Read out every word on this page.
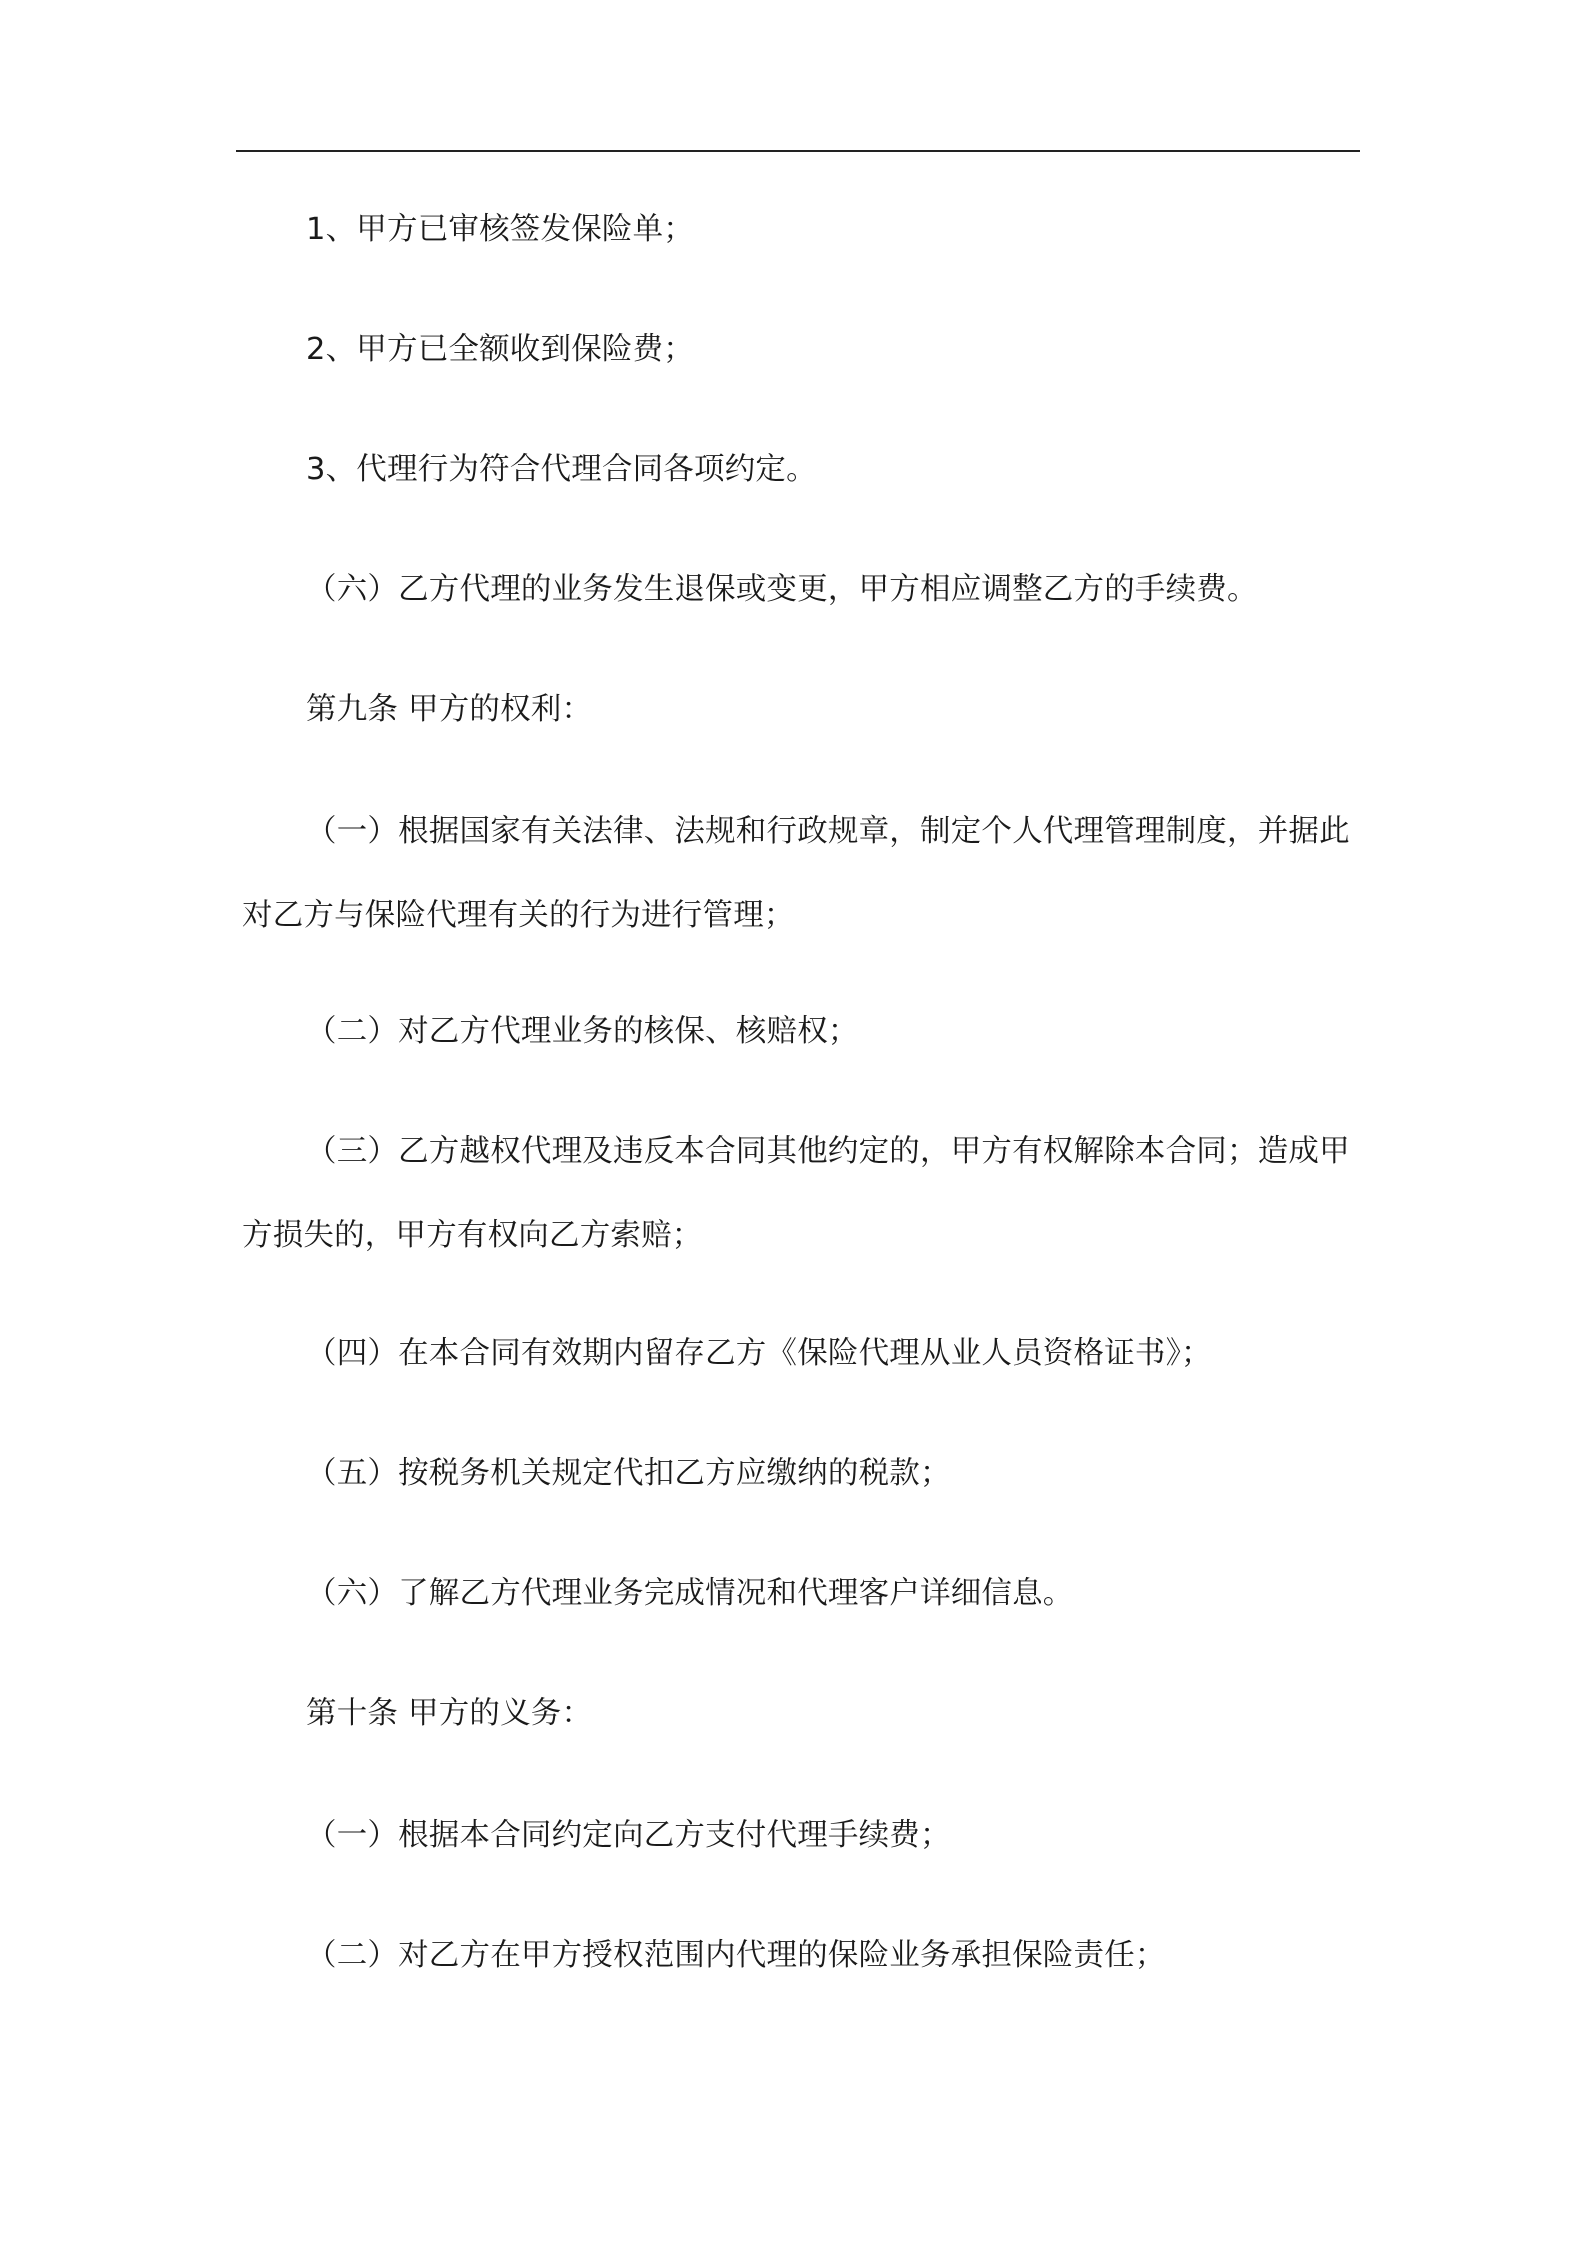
1、甲方已审核签发保险单；

2、甲方已全额收到保险费；

3、代理行为符合代理合同各项约定。

（六）乙方代理的业务发生退保或变更，甲方相应调整乙方的手续费。

第九条 甲方的权利：

（一）根据国家有关法律、法规和行政规章，制定个人代理管理制度，并据此对乙方与保险代理有关的行为进行管理；

（二）对乙方代理业务的核保、核赔权；

（三）乙方越权代理及违反本合同其他约定的，甲方有权解除本合同；造成甲方损失的，甲方有权向乙方索赔；

（四）在本合同有效期内留存乙方《保险代理从业人员资格证书》；

（五）按税务机关规定代扣乙方应缴纳的税款；

（六）了解乙方代理业务完成情况和代理客户详细信息。

第十条 甲方的义务：

（一）根据本合同约定向乙方支付代理手续费；

（二）对乙方在甲方授权范围内代理的保险业务承担保险责任；
